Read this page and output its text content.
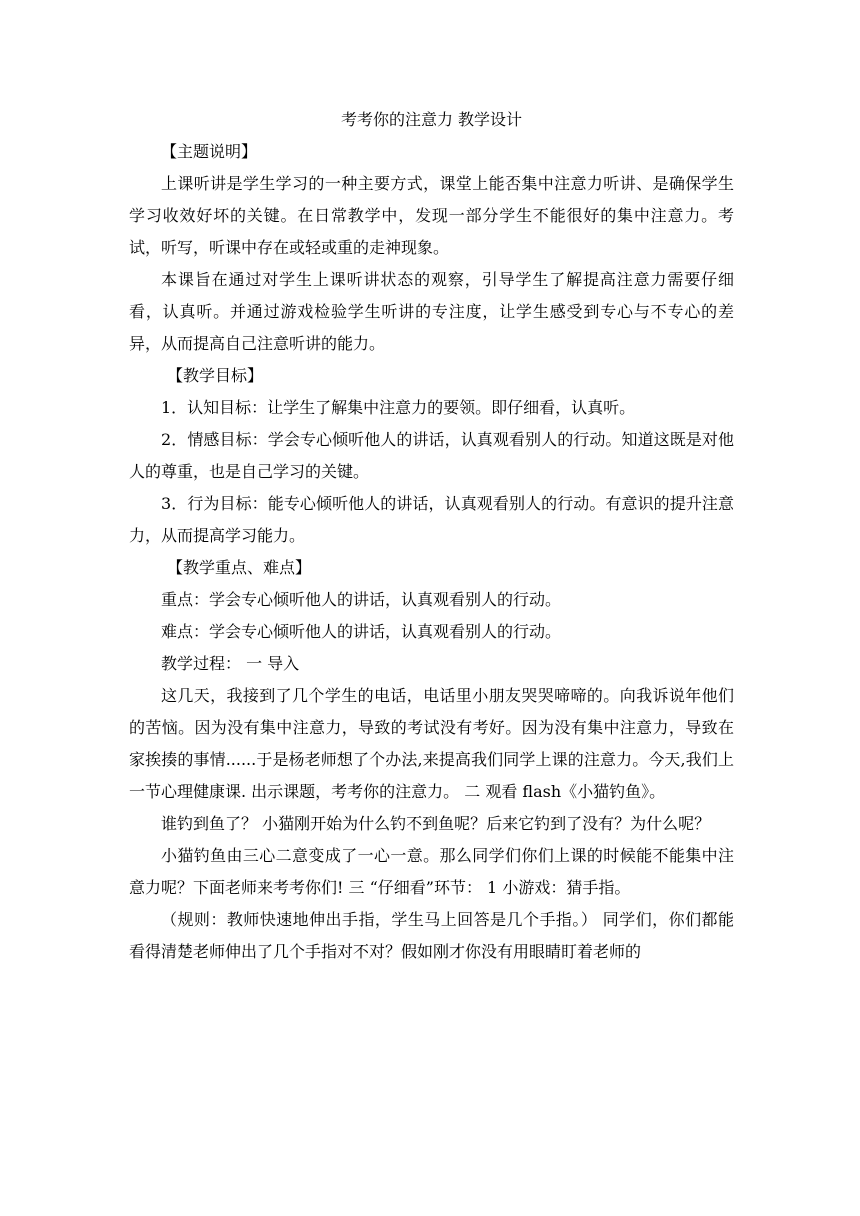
考考你的注意力 教学设计
【主题说明】

上课听讲是学生学习的一种主要方式，课堂上能否集中注意力听讲、是确保学生学习收效好坏的关键。在日常教学中，发现一部分学生不能很好的集中注意力。考试，听写，听课中存在或轻或重的走神现象。

本课旨在通过对学生上课听讲状态的观察，引导学生了解提高注意力需要仔细看，认真听。并通过游戏检验学生听讲的专注度，让学生感受到专心与不专心的差异，从而提高自己注意听讲的能力。

【教学目标】

1．认知目标：让学生了解集中注意力的要领。即仔细看，认真听。

2．情感目标：学会专心倾听他人的讲话，认真观看别人的行动。知道这既是对他人的尊重，也是自己学习的关键。

3．行为目标：能专心倾听他人的讲话，认真观看别人的行动。有意识的提升注意力，从而提高学习能力。

【教学重点、难点】

重点：学会专心倾听他人的讲话，认真观看别人的行动。

难点：学会专心倾听他人的讲话，认真观看别人的行动。

教学过程： 一 导入

这几天，我接到了几个学生的电话，电话里小朋友哭哭啼啼的。向我诉说年他们的苦恼。因为没有集中注意力，导致的考试没有考好。因为没有集中注意力，导致在家挨揍的事情......于是杨老师想了个办法,来提高我们同学上课的注意力。今天,我们上一节心理健康课. 出示课题，考考你的注意力。 二 观看 flash《小猫钓鱼》。

谁钓到鱼了？ 小猫刚开始为什么钓不到鱼呢？后来它钓到了没有？为什么呢？

小猫钓鱼由三心二意变成了一心一意。那么同学们你们上课的时候能不能集中注意力呢？下面老师来考考你们! 三 “仔细看”环节： 1 小游戏：猜手指。

（规则：教师快速地伸出手指，学生马上回答是几个手指。） 同学们，你们都能看得清楚老师伸出了几个手指对不对？假如刚才你没有用眼睛盯着老师的
